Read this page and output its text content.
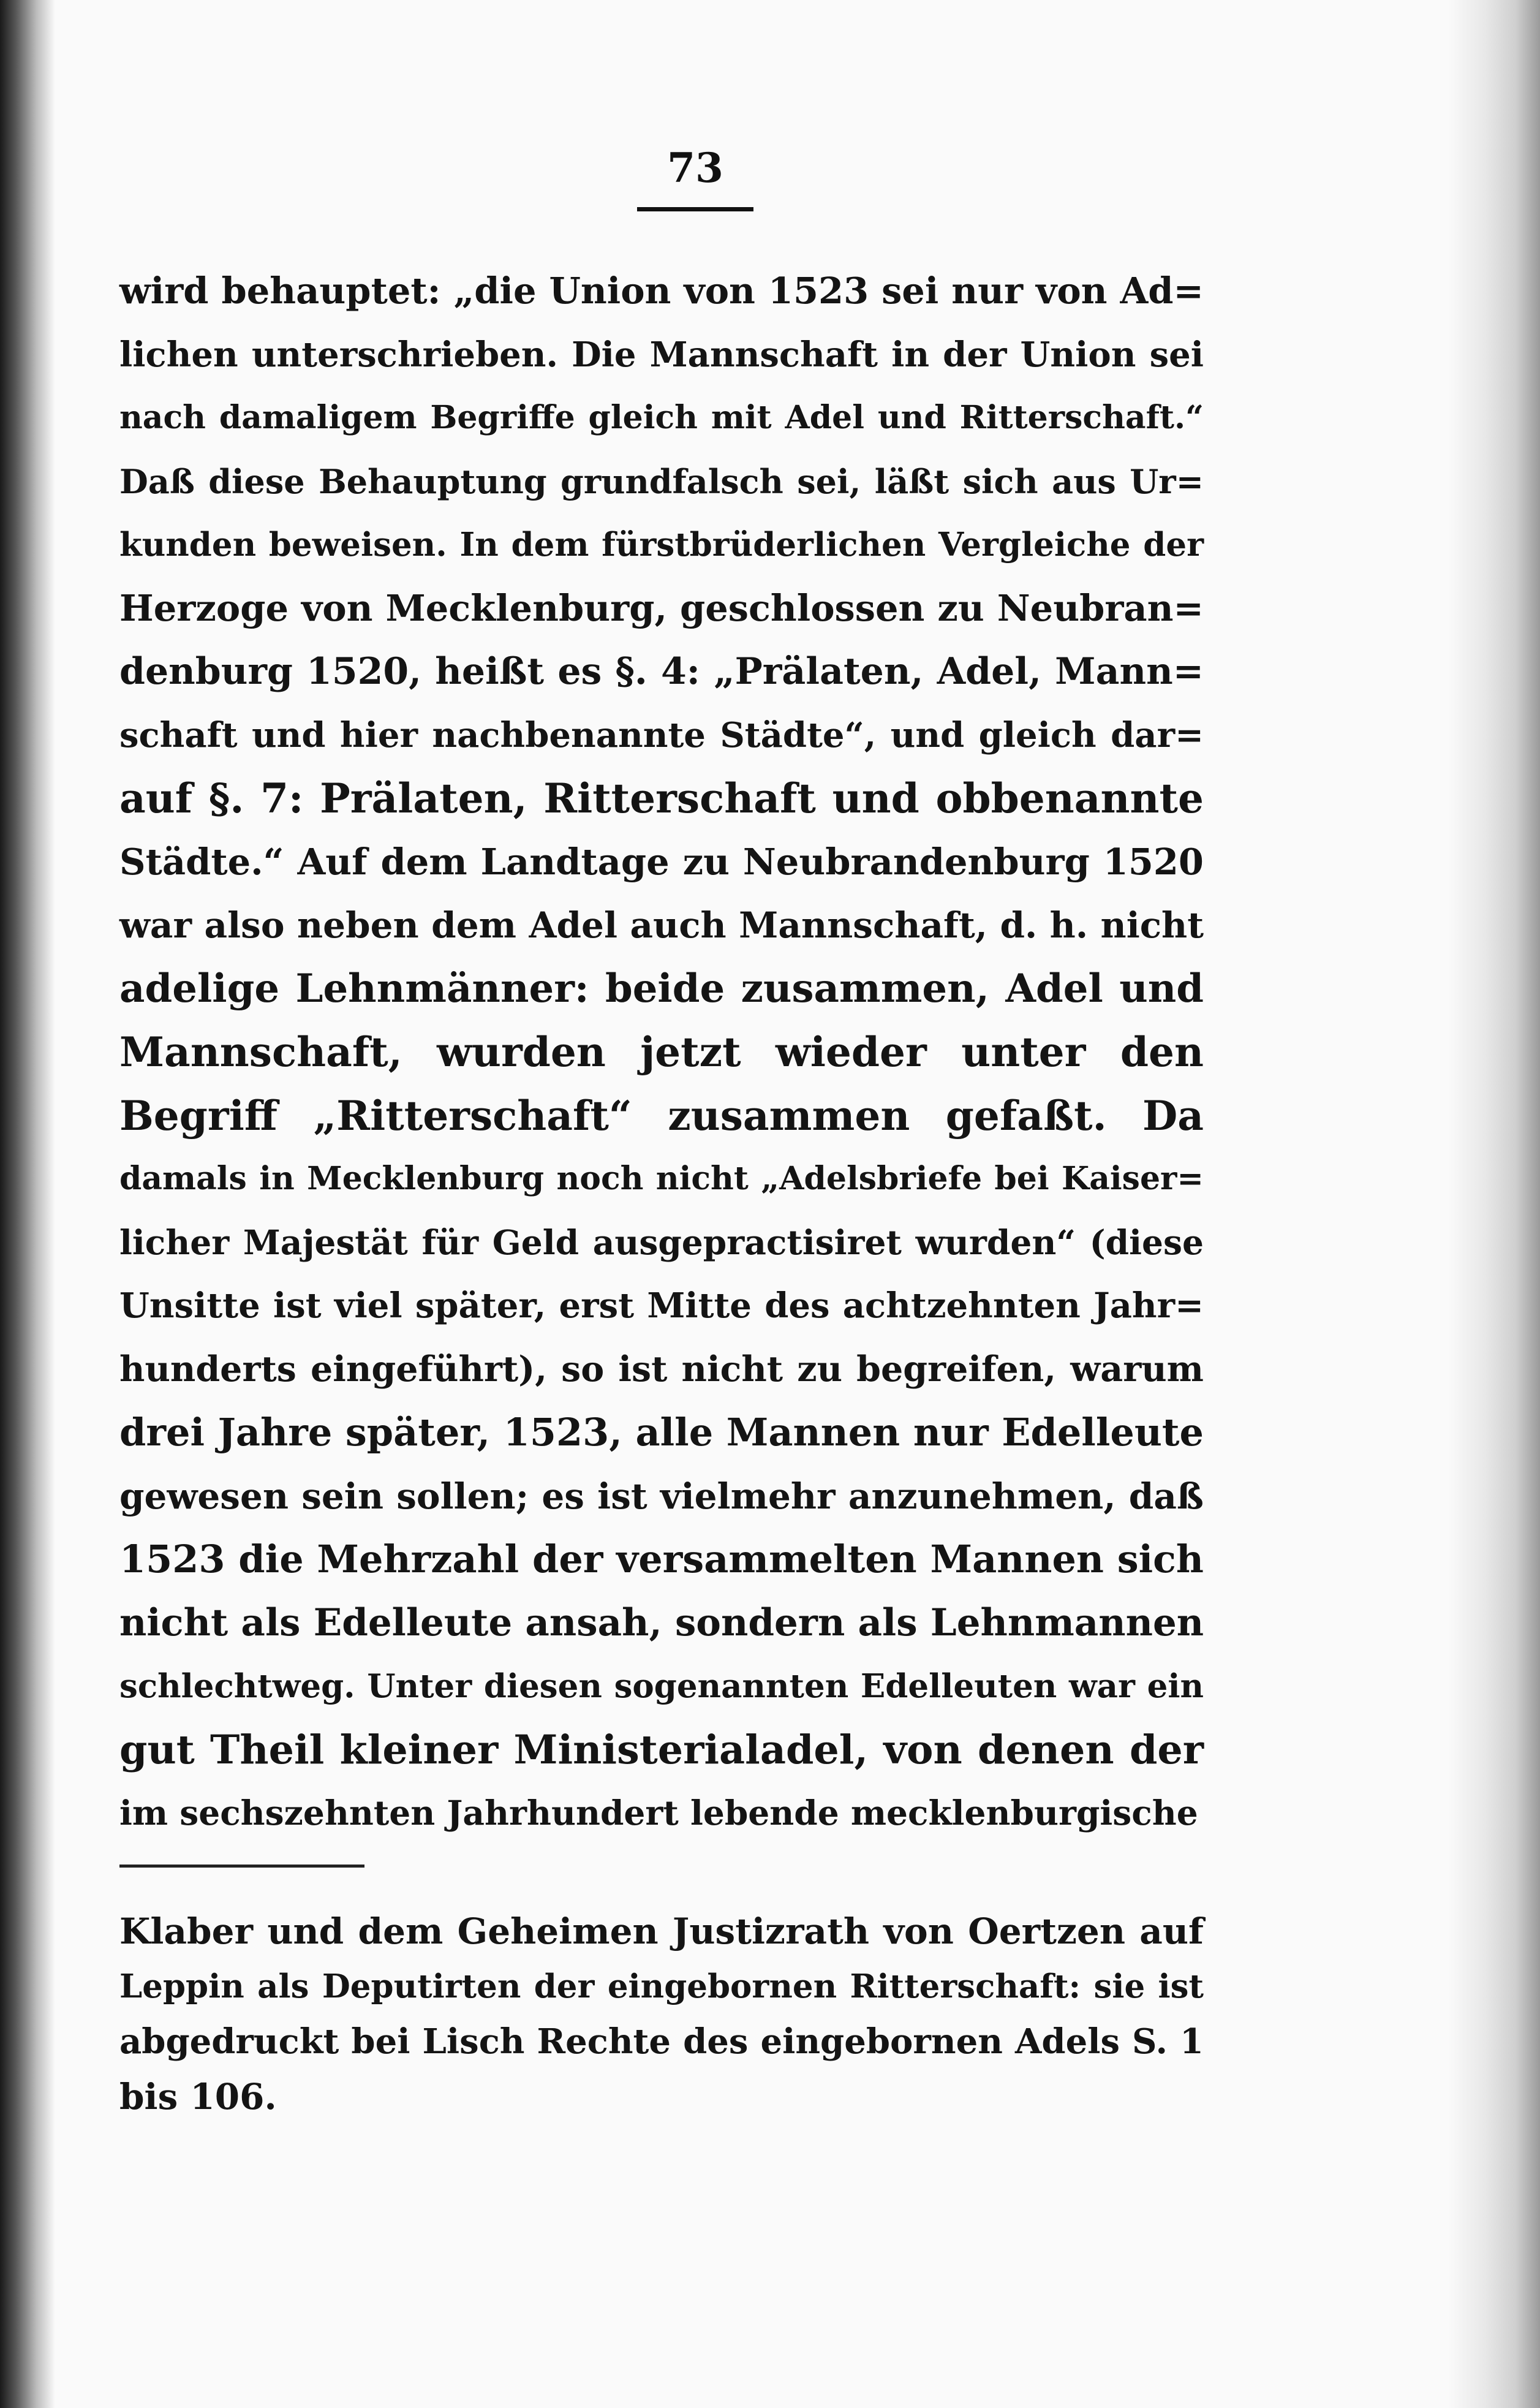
73
wird behauptet: „die Union von 1523 sei nur von Ad=
lichen unterschrieben. Die Mannschaft in der Union sei
nach damaligem Begriffe gleich mit Adel und Ritterschaft.“
Daß diese Behauptung grundfalsch sei, läßt sich aus Ur=
kunden beweisen. In dem fürstbrüderlichen Vergleiche der
Herzoge von Mecklenburg, geschlossen zu Neubran=
denburg 1520, heißt es §. 4: „Prälaten, Adel, Mann=
schaft und hier nachbenannte Städte“, und gleich dar=
auf §. 7: Prälaten, Ritterschaft und obbenannte
Städte.“ Auf dem Landtage zu Neubrandenburg 1520
war also neben dem Adel auch Mannschaft, d. h. nicht
adelige Lehnmänner: beide zusammen, Adel und
Mannschaft, wurden jetzt wieder unter den
Begriff „Ritterschaft“ zusammen gefaßt. Da
damals in Mecklenburg noch nicht „Adelsbriefe bei Kaiser=
licher Majestät für Geld ausgepractisiret wurden“ (diese
Unsitte ist viel später, erst Mitte des achtzehnten Jahr=
hunderts eingeführt), so ist nicht zu begreifen, warum
drei Jahre später, 1523, alle Mannen nur Edelleute
gewesen sein sollen; es ist vielmehr anzunehmen, daß
1523 die Mehrzahl der versammelten Mannen sich
nicht als Edelleute ansah, sondern als Lehnmannen
schlechtweg. Unter diesen sogenannten Edelleuten war ein
gut Theil kleiner Ministerialadel, von denen der
im sechszehnten Jahrhundert lebende mecklenburgische
Klaber und dem Geheimen Justizrath von Oertzen auf
Leppin als Deputirten der eingebornen Ritterschaft: sie ist
abgedruckt bei Lisch Rechte des eingebornen Adels S. 1
bis 106.
